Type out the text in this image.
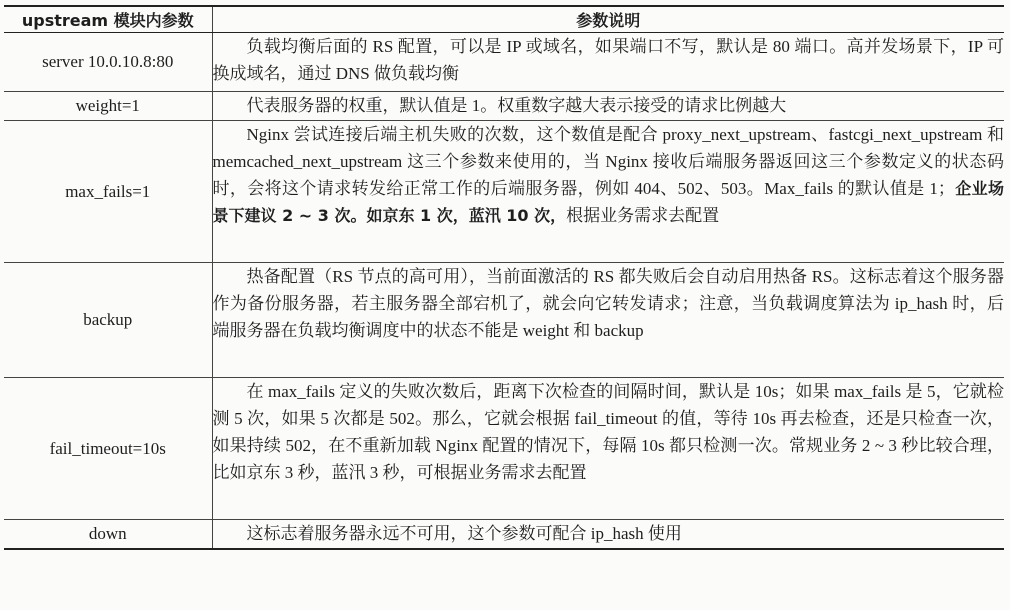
upstream 模块内参数	参数说明
server 10.0.10.8:80	负载均衡后面的 RS 配置，可以是 IP 或域名，如果端口不写，默认是 80 端口。高并发场景下，IP 可换成域名，通过 DNS 做负载均衡

weight=1	代表服务器的权重，默认值是 1。权重数字越大表示接受的请求比例越大

max_fails=1	Nginx 尝试连接后端主机失败的次数，这个数值是配合 proxy_next_upstream、fastcgi_next_upstream 和 memcached_next_upstream 这三个参数来使用的，当 Nginx 接收后端服务器返回这三个参数定义的状态码时，会将这个请求转发给正常工作的后端服务器，例如 404、502、503。Max_fails 的默认值是 1；企业场景下建议 2 ~ 3 次。如京东 1 次，蓝汛 10 次，根据业务需求去配置

backup	热备配置（RS 节点的高可用），当前面激活的 RS 都失败后会自动启用热备 RS。这标志着这个服务器作为备份服务器，若主服务器全部宕机了，就会向它转发请求；注意，当负载调度算法为 ip_hash 时，后端服务器在负载均衡调度中的状态不能是 weight 和 backup

fail_timeout=10s	在 max_fails 定义的失败次数后，距离下次检查的间隔时间，默认是 10s；如果 max_fails 是 5，它就检测 5 次，如果 5 次都是 502。那么，它就会根据 fail_timeout 的值，等待 10s 再去检查，还是只检查一次，如果持续 502，在不重新加载 Nginx 配置的情况下，每隔 10s 都只检测一次。常规业务 2 ~ 3 秒比较合理，比如京东 3 秒，蓝汛 3 秒，可根据业务需求去配置

down	这标志着服务器永远不可用，这个参数可配合 ip_hash 使用
